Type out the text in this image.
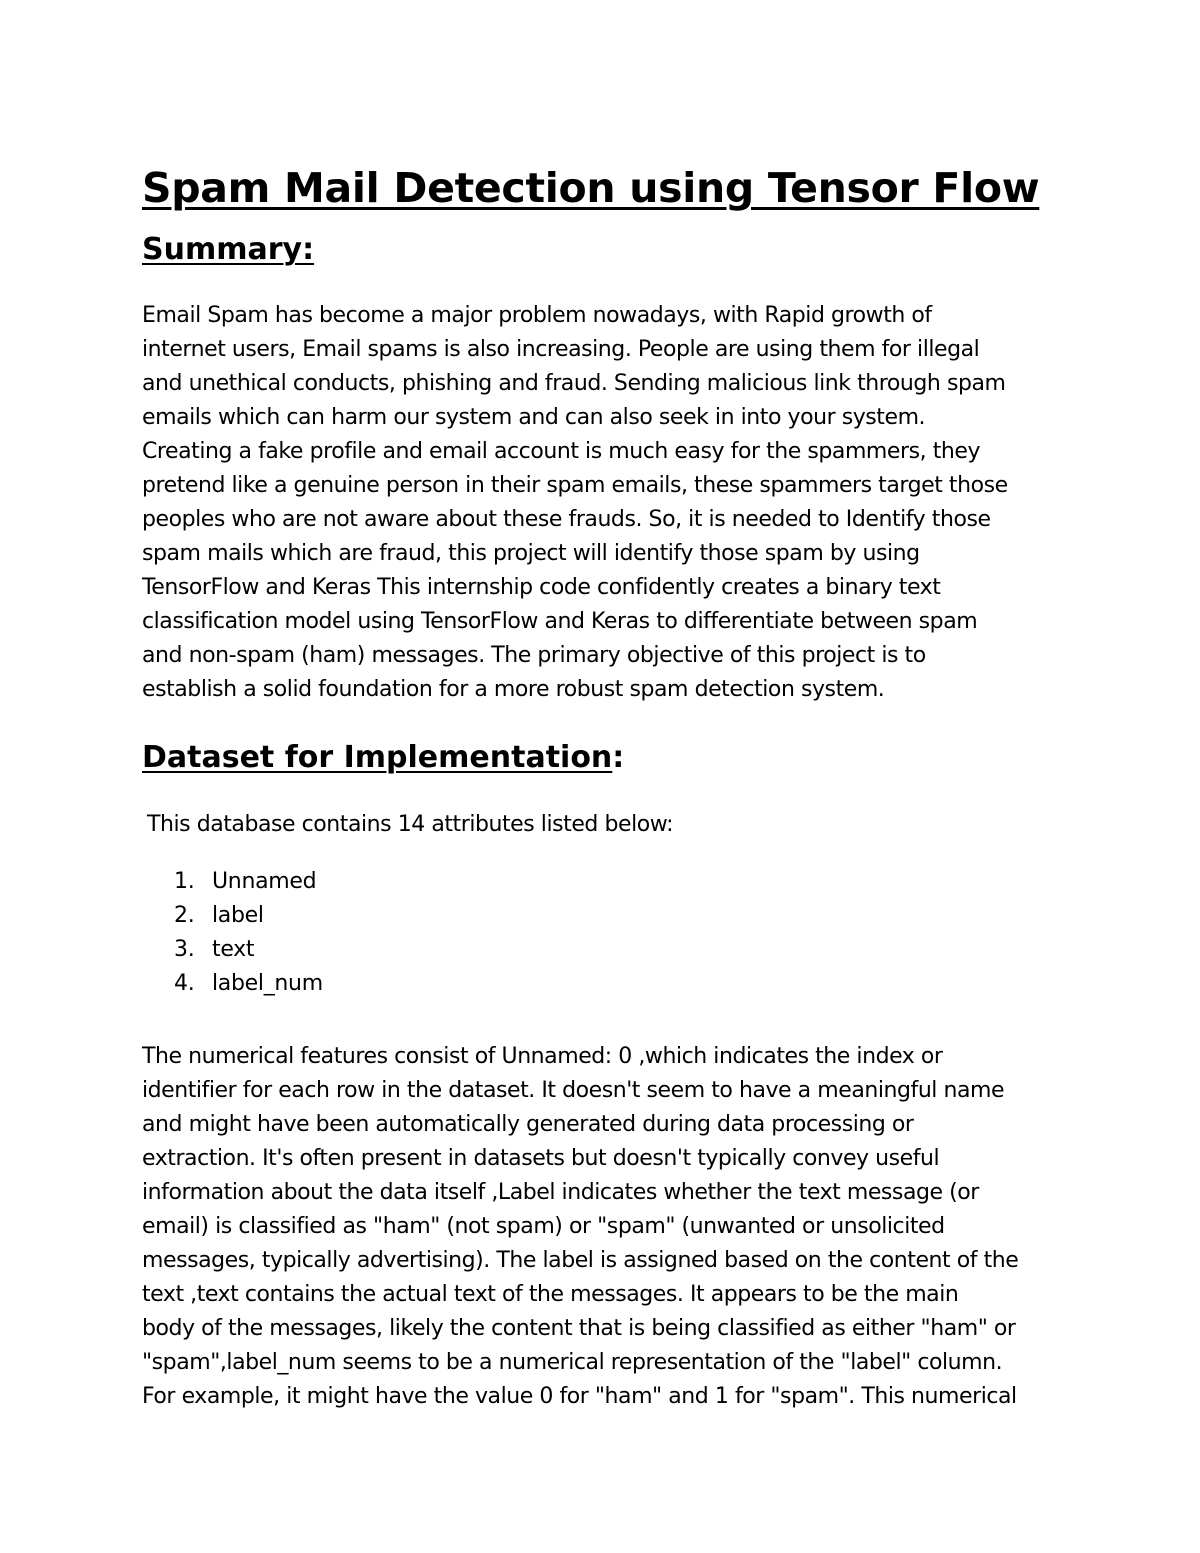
Spam Mail Detection using Tensor Flow
Summary:

Email Spam has become a major problem nowadays, with Rapid growth of
internet users, Email spams is also increasing. People are using them for illegal
and unethical conducts, phishing and fraud. Sending malicious link through spam
emails which can harm our system and can also seek in into your system.
Creating a fake profile and email account is much easy for the spammers, they
pretend like a genuine person in their spam emails, these spammers target those
peoples who are not aware about these frauds. So, it is needed to Identify those
spam mails which are fraud, this project will identify those spam by using
TensorFlow and Keras This internship code confidently creates a binary text
classification model using TensorFlow and Keras to differentiate between spam
and non-spam (ham) messages. The primary objective of this project is to
establish a solid foundation for a more robust spam detection system.

Dataset for Implementation:

This database contains 14 attributes listed below:

1. Unnamed
2. label
3. text
4. label_num

The numerical features consist of Unnamed: 0 ,which indicates the index or
identifier for each row in the dataset. It doesn't seem to have a meaningful name
and might have been automatically generated during data processing or
extraction. It's often present in datasets but doesn't typically convey useful
information about the data itself ,Label indicates whether the text message (or
email) is classified as "ham" (not spam) or "spam" (unwanted or unsolicited
messages, typically advertising). The label is assigned based on the content of the
text ,text contains the actual text of the messages. It appears to be the main
body of the messages, likely the content that is being classified as either "ham" or
"spam",label_num seems to be a numerical representation of the "label" column.
For example, it might have the value 0 for "ham" and 1 for "spam". This numerical
